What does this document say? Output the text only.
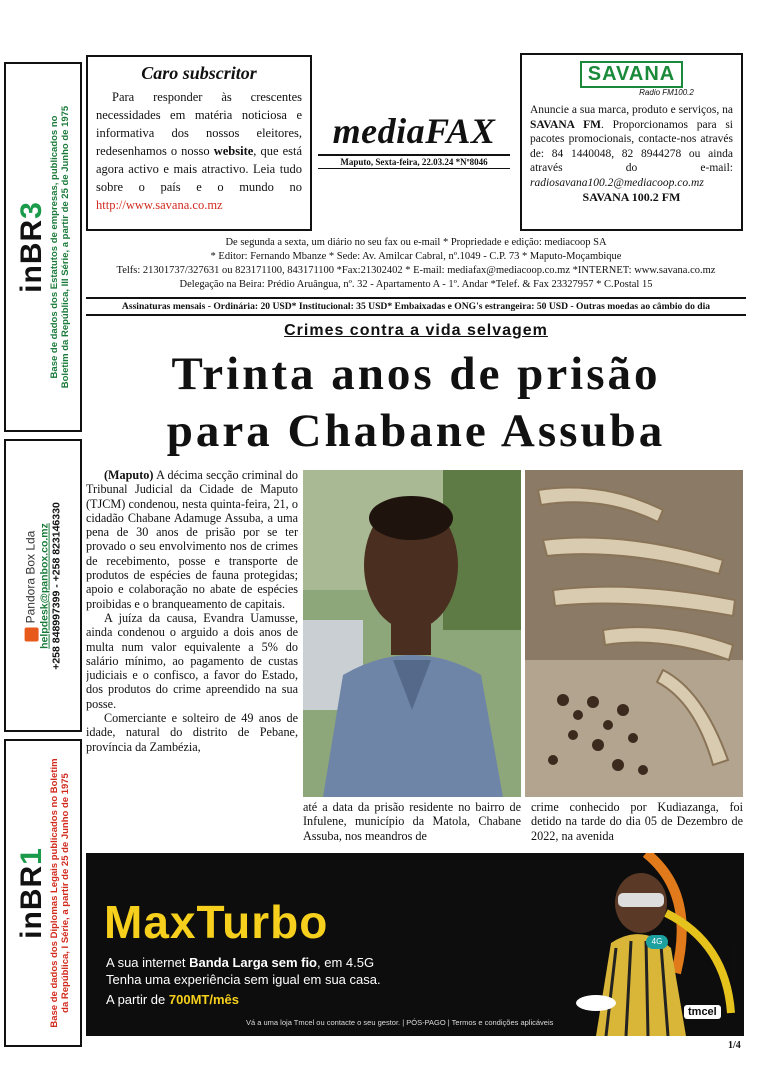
inBR3 Base de dados dos Estatutos de empresas, publicados no Boletim da República, III Série, a partir de 25 de Junho de 1975
Pandora Box Lda helpdesk@panbox.co.mz +258 848997399 - +258 823146330
inBR1 Base de dados dos Diplomas Legais publicados no Boletim da República, I Série, a partir de 25 de Junho de 1975
Caro subscritor

Para responder às crescentes necessidades em matéria noticiosa e informativa dos nossos eleitores, redesenhamos o nosso website, que está agora activo e mais atractivo. Leia tudo sobre o país e o mundo no http://www.savana.co.mz

mediaFAX
Maputo, Sexta-feira, 22.03.24 *Nº8046
SAVANA
Radio FM100.2

Anuncie a sua marca, produto e serviços, na SAVANA FM. Proporcionamos para si pacotes promocionais, contacte-nos através de: 84 1440048, 82 8944278 ou ainda através do e-mail: radiosavana100.2@mediacoop.co.mz

SAVANA 100.2 FM

De segunda a sexta, um diário no seu fax ou e-mail * Propriedade e edição: mediacoop SA
* Editor: Fernando Mbanze * Sede: Av. Amilcar Cabral, nº.1049 - C.P. 73 * Maputo-Moçambique
Telfs: 21301737/327631 ou 823171100, 843171100 *Fax:21302402 * E-mail: mediafax@mediacoop.co.mz *INTERNET: www.savana.co.mz
Delegação na Beira: Prédio Aruângua, nº. 32 - Apartamento A - 1º. Andar *Telef. & Fax 23327957 * C.Postal 15
Assinaturas mensais - Ordinária: 20 USD* Institucional: 35 USD* Embaixadas e ONG's estrangeira: 50 USD - Outras moedas ao câmbio do dia
Crimes contra a vida selvagem
Trinta anos de prisão
para Chabane Assuba

(Maputo) A décima secção criminal do Tribunal Judicial da Cidade de Maputo (TJCM) condenou, nesta quinta-feira, 21, o cidadão Chabane Adamuge Assuba, a uma pena de 30 anos de prisão por se ter provado o seu envolvimento nos de crimes de recebimento, posse e transporte de produtos de espécies de fauna protegidas; apoio e colaboração no abate de espécies proibidas e o branqueamento de capitais.

A juíza da causa, Evandra Uamusse, ainda condenou o arguido a dois anos de multa num valor equivalente a 5% do salário mínimo, ao pagamento de custas judiciais e o confisco, a favor do Estado, dos produtos do crime apreendido na sua posse.

Comerciante e solteiro de 49 anos de idade, natural do distrito de Pebane, província da Zambézia,

até a data da prisão residente no bairro de Infulene, município da Matola, Chabane Assuba, nos meandros de
crime conhecido por Kudiazanga, foi detido na tarde do dia 05 de Dezembro de 2022, na avenida
MaxTurbo
A sua internet Banda Larga sem fio, em 4.5G
Tenha uma experiência sem igual em sua casa.
A partir de 700MT/mês
4G
tmcel
Vá a uma loja Tmcel ou contacte o seu gestor. | PÓS-PAGO | Termos e condições aplicáveis
Publicidade
1/4
